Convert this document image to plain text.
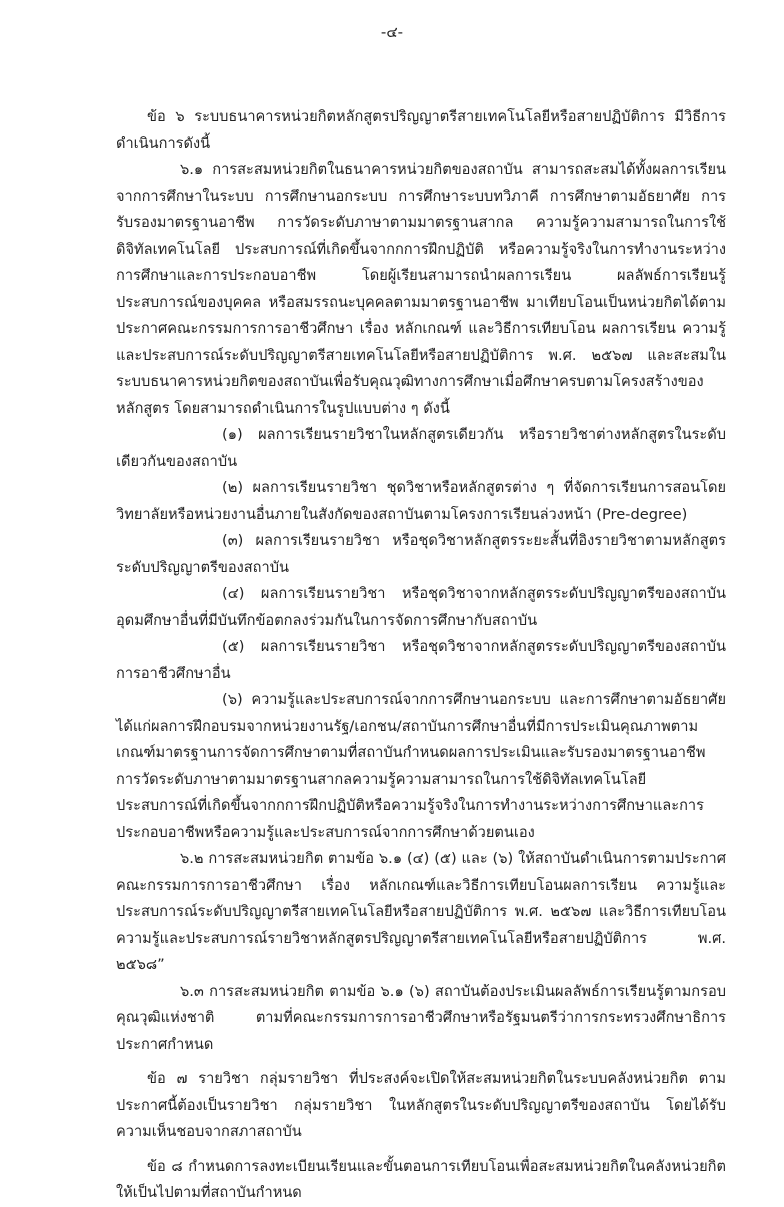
-๔-

ข้อ ๖ ระบบธนาคารหน่วยกิตหลักสูตรปริญญาตรีสายเทคโนโลยีหรือสายปฏิบัติการ มีวิธีการดำเนินการดังนี้

๖.๑ การสะสมหน่วยกิตในธนาคารหน่วยกิตของสถาบัน สามารถสะสมได้ทั้งผลการเรียนจากการศึกษาในระบบ การศึกษานอกระบบ การศึกษาระบบทวิภาคี การศึกษาตามอัธยาศัย การรับรองมาตรฐานอาชีพ การวัดระดับภาษาตามมาตรฐานสากล ความรู้ความสามารถในการใช้ดิจิทัลเทคโนโลยี ประสบการณ์ที่เกิดขึ้นจากกการฝึกปฏิบัติ หรือความรู้จริงในการทำงานระหว่างการศึกษาและการประกอบอาชีพ โดยผู้เรียนสามารถนำผลการเรียน ผลลัพธ์การเรียนรู้ ประสบการณ์ของบุคคล หรือสมรรถนะบุคคลตามมาตรฐานอาชีพ มาเทียบโอนเป็นหน่วยกิตได้ตามประกาศคณะกรรมการการอาชีวศึกษา เรื่อง หลักเกณฑ์ และวิธีการเทียบโอน ผลการเรียน ความรู้และประสบการณ์ระดับปริญญาตรีสายเทคโนโลยีหรือสายปฏิบัติการ พ.ศ. ๒๕๖๗ และสะสมในระบบธนาคารหน่วยกิตของสถาบันเพื่อรับคุณวุฒิทางการศึกษาเมื่อศึกษาครบตามโครงสร้างของหลักสูตร โดยสามารถดำเนินการในรูปแบบต่าง ๆ ดังนี้

(๑) ผลการเรียนรายวิชาในหลักสูตรเดียวกัน หรือรายวิชาต่างหลักสูตรในระดับเดียวกันของสถาบัน

(๒) ผลการเรียนรายวิชา ชุดวิชาหรือหลักสูตรต่าง ๆ ที่จัดการเรียนการสอนโดยวิทยาลัยหรือหน่วยงานอื่นภายในสังกัดของสถาบันตามโครงการเรียนล่วงหน้า (Pre-degree)

(๓) ผลการเรียนรายวิชา หรือชุดวิชาหลักสูตรระยะสั้นที่อิงรายวิชาตามหลักสูตรระดับปริญญาตรีของสถาบัน

(๔) ผลการเรียนรายวิชา หรือชุดวิชาจากหลักสูตรระดับปริญญาตรีของสถาบันอุดมศึกษาอื่นที่มีบันทึกข้อตกลงร่วมกันในการจัดการศึกษากับสถาบัน

(๕) ผลการเรียนรายวิชา หรือชุดวิชาจากหลักสูตรระดับปริญญาตรีของสถาบันการอาชีวศึกษาอื่น

(๖) ความรู้และประสบการณ์จากการศึกษานอกระบบ และการศึกษาตามอัธยาศัย ได้แก่ผลการฝึกอบรมจากหน่วยงานรัฐ/เอกชน/สถาบันการศึกษาอื่นที่มีการประเมินคุณภาพตามเกณฑ์มาตรฐานการจัดการศึกษาตามที่สถาบันกำหนดผลการประเมินและรับรองมาตรฐานอาชีพการวัดระดับภาษาตามมาตรฐานสากลความรู้ความสามารถในการใช้ดิจิทัลเทคโนโลยีประสบการณ์ที่เกิดขึ้นจากกการฝึกปฏิบัติหรือความรู้จริงในการทำงานระหว่างการศึกษาและการประกอบอาชีพหรือความรู้และประสบการณ์จากการศึกษาด้วยตนเอง

๖.๒ การสะสมหน่วยกิต ตามข้อ ๖.๑ (๔) (๕) และ (๖) ให้สถาบันดำเนินการตามประกาศคณะกรรมการการอาชีวศึกษา เรื่อง หลักเกณฑ์และวิธีการเทียบโอนผลการเรียน ความรู้และประสบการณ์ระดับปริญญาตรีสายเทคโนโลยีหรือสายปฏิบัติการ พ.ศ. ๒๕๖๗ และวิธีการเทียบโอนความรู้และประสบการณ์รายวิชาหลักสูตรปริญญาตรีสายเทคโนโลยีหรือสายปฏิบัติการ พ.ศ. ๒๕๖๘”

๖.๓ การสะสมหน่วยกิต ตามข้อ ๖.๑ (๖) สถาบันต้องประเมินผลลัพธ์การเรียนรู้ตามกรอบคุณวุฒิแห่งชาติ ตามที่คณะกรรมการการอาชีวศึกษาหรือรัฐมนตรีว่าการกระทรวงศึกษาธิการประกาศกำหนด

ข้อ ๗ รายวิชา กลุ่มรายวิชา ที่ประสงค์จะเปิดให้สะสมหน่วยกิตในระบบคลังหน่วยกิต ตามประกาศนี้ต้องเป็นรายวิชา กลุ่มรายวิชา ในหลักสูตรในระดับปริญญาตรีของสถาบัน โดยได้รับความเห็นชอบจากสภาสถาบัน

ข้อ ๘ กำหนดการลงทะเบียนเรียนและขั้นตอนการเทียบโอนเพื่อสะสมหน่วยกิตในคลังหน่วยกิตให้เป็นไปตามที่สถาบันกำหนด
